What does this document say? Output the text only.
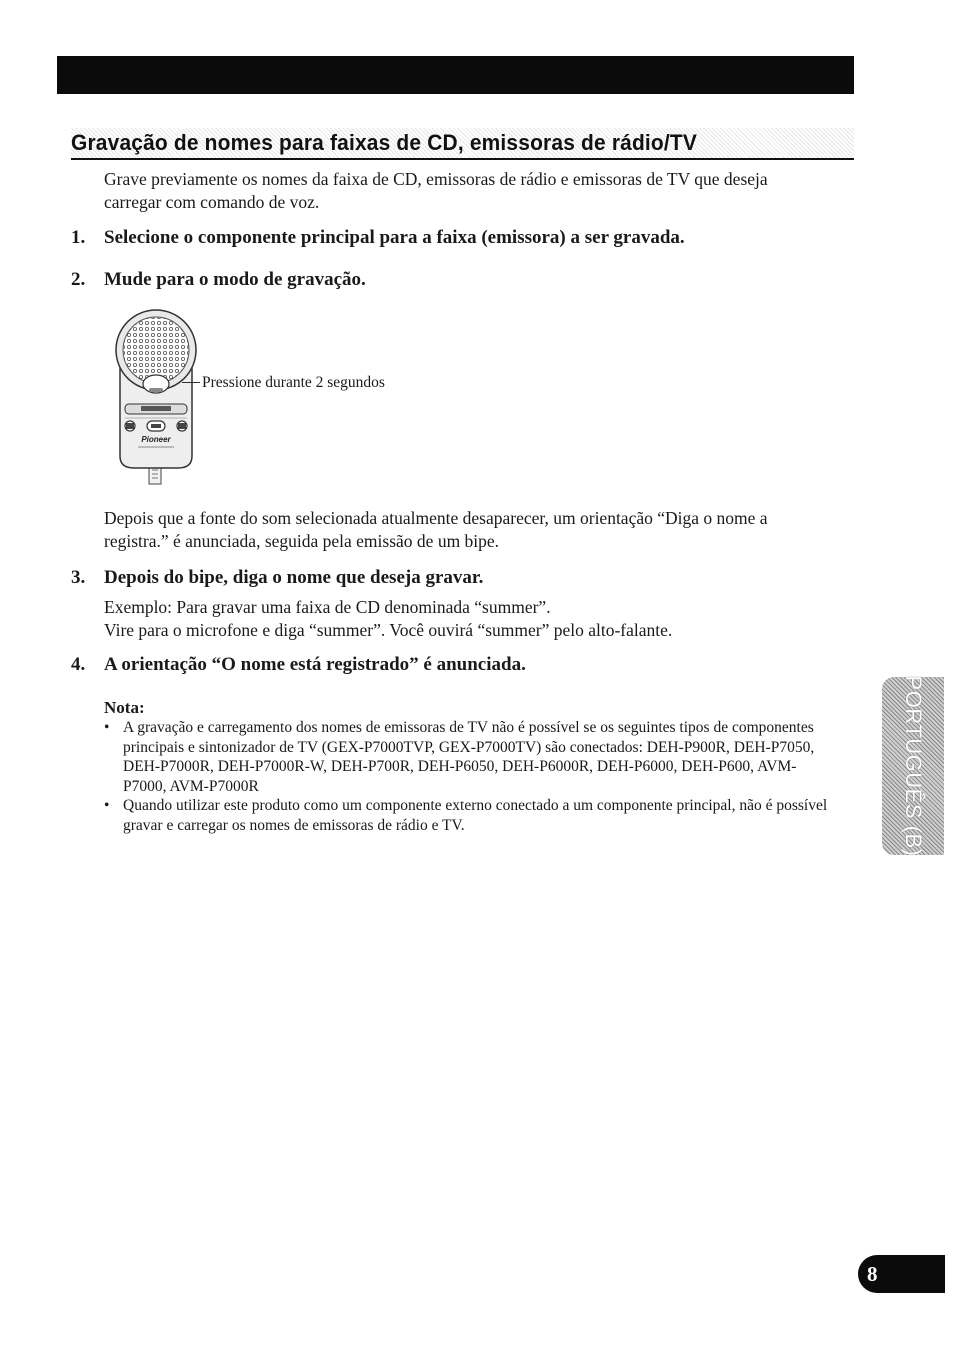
Gravação de nomes para faixas de CD, emissoras de rádio/TV

Grave previamente os nomes da faixa de CD, emissoras de rádio e emissoras de TV que deseja carregar com comando de voz.

1. Selecione o componente principal para a faixa (emissora) a ser gravada.

2. Mude para o modo de gravação.

Pioneer
Pressione durante 2 segundos

Depois que a fonte do som selecionada atualmente desaparecer, um orientação “Diga o nome a registra.” é anunciada, seguida pela emissão de um bipe.

3. Depois do bipe, diga o nome que deseja gravar.

Exemplo: Para gravar uma faixa de CD denominada “summer”.

Vire para o microfone e diga “summer”. Você ouvirá “summer” pelo alto-falante.

4. A orientação “O nome está registrado” é anunciada.

Nota:

• A gravação e carregamento dos nomes de emissoras de TV não é possível se os seguintes tipos de componentes principais e sintonizador de TV (GEX-P7000TVP, GEX-P7000TV) são conectados: DEH-P900R, DEH-P7050, DEH-P7000R, DEH-P7000R-W, DEH-P700R, DEH-P6050, DEH-P6000R, DEH-P6000, DEH-P600, AVM-P7000, AVM-P7000R
• Quando utilizar este produto como um componente externo conectado a um componente principal, não é possível gravar e carregar os nomes de emissoras de rádio e TV.	PORTUGUÊS (B)
8
